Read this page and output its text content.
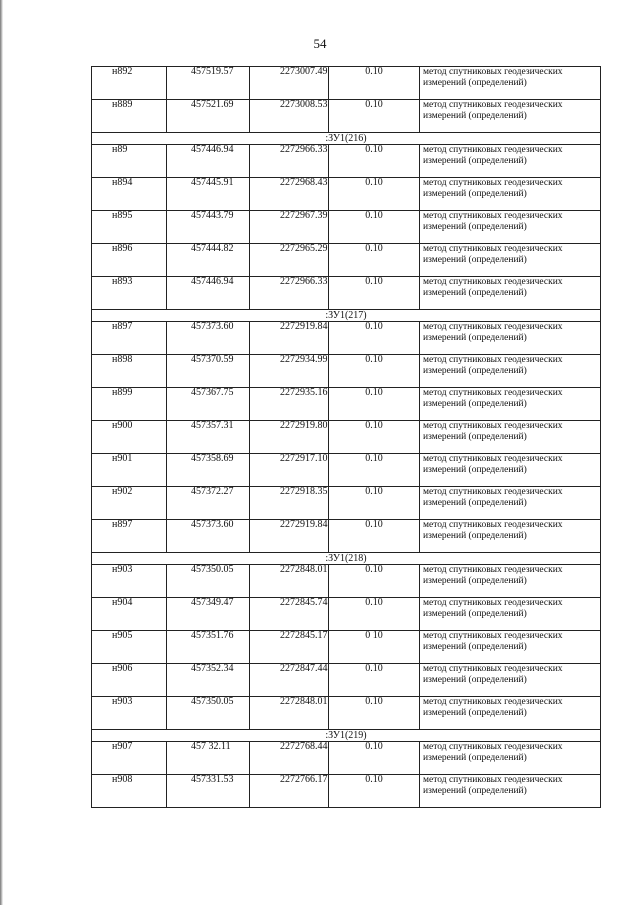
54
н892	457519.57	2273007.49	0.10	метод спутниковых геодезических измерений (определений)
н889	457521.69	2273008.53	0.10	метод спутниковых геодезических измерений (определений)
:ЗУ1(216)				
н89	457446.94	2272966.33	0.10	метод спутниковых геодезических измерений (определений)
н894	457445.91	2272968.43	0.10	метод спутниковых геодезических измерений (определений)
н895	457443.79	2272967.39	0.10	метод спутниковых геодезических измерений (определений)
н896	457444.82	2272965.29	0.10	метод спутниковых геодезических измерений (определений)
н893	457446.94	2272966.33	0.10	метод спутниковых геодезических измерений (определений)
:ЗУ1(217)				
н897	457373.60	2272919.84	0.10	метод спутниковых геодезических измерений (определений)
н898	457370.59	2272934.99	0.10	метод спутниковых геодезических измерений (определений)
н899	457367.75	2272935.16	0.10	метод спутниковых геодезических измерений (определений)
н900	457357.31	2272919.80	0.10	метод спутниковых геодезических измерений (определений)
н901	457358.69	2272917.10	0.10	метод спутниковых геодезических измерений (определений)
н902	457372.27	2272918.35	0.10	метод спутниковых геодезических измерений (определений)
н897	457373.60	2272919.84	0.10	метод спутниковых геодезических измерений (определений)
:ЗУ1(218)				
н903	457350.05	2272848.01	0.10	метод спутниковых геодезических измерений (определений)
н904	457349.47	2272845.74	0.10	метод спутниковых геодезических измерений (определений)
н905	457351.76	2272845.17	0 10	метод спутниковых геодезических измерений (определений)
н906	457352.34	2272847.44	0.10	метод спутниковых геодезических измерений (определений)
н903	457350.05	2272848.01	0.10	метод спутниковых геодезических измерений (определений)
:ЗУ1(219)				
н907	457 32.11	2272768.44	0.10	метод спутниковых геодезических измерений (определений)
н908	457331.53	2272766.17	0.10	метод спутниковых геодезических измерений (определений)
